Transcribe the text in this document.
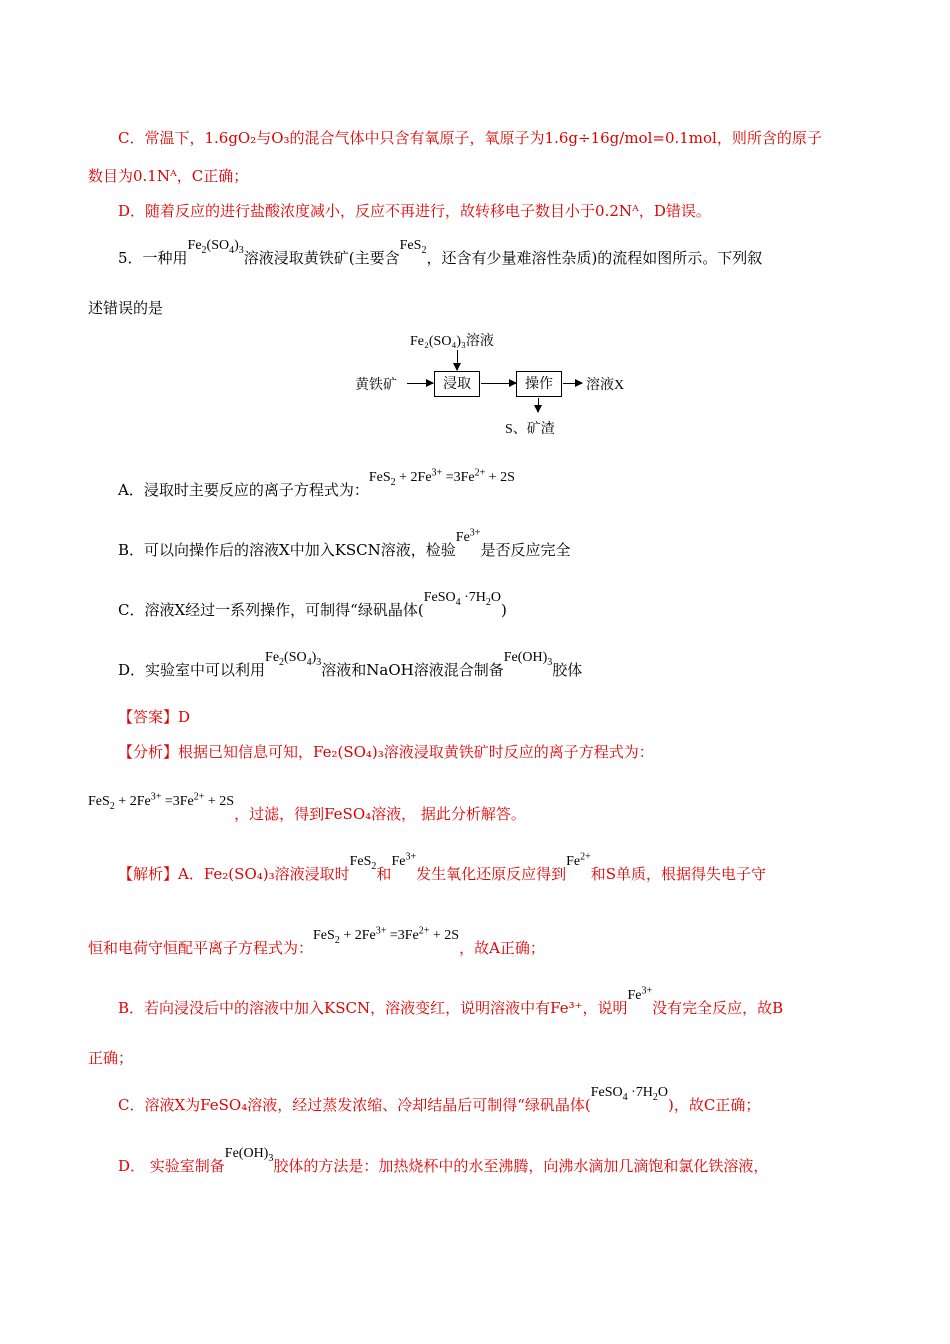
C．常温下，1.6gO₂与O₃的混合气体中只含有氧原子，氧原子为1.6g÷16g/mol=0.1mol，则所含的原子
数目为0.1Nᴬ，C正确；
D．随着反应的进行盐酸浓度减小，反应不再进行，故转移电子数目小于0.2Nᴬ，D错误。
5．一种用$Fe_2(SO_4)_3$溶液浸取黄铁矿(主要含FeS$_2$，还含有少量难溶性杂质)的流程如图所示。下列叙
述错误的是
Fe₂(SO₄)₃溶液
黄铁矿	浸取	操作	溶液X
S、矿渣
A．浸取时主要反应的离子方程式为：$FeS_2 + 2Fe^{3+} =3Fe^{2+} + 2S$
B．可以向操作后的溶液X中加入KSCN溶液，检验$Fe^{3+}$是否反应完全
C．溶液X经过一系列操作，可制得“绿矾晶体(FeSO$_4$ $\cdot 7H_2O$)
D．实验室中可以利用$Fe_2(SO_4)_3$溶液和NaOH溶液混合制备$Fe(OH)_3$胶体
【答案】D
【分析】根据已知信息可知，Fe₂(SO₄)₃溶液浸取黄铁矿时反应的离子方程式为：
$FeS_2 + 2Fe^{3+} =3Fe^{2+} + 2S$，过滤，得到FeSO₄溶液， 据此分析解答。
【解析】A．Fe₂(SO₄)₃溶液浸取时FeS$_2$和$Fe^{3+}$发生氧化还原反应得到$Fe^{2+}$和S单质，根据得失电子守
恒和电荷守恒配平离子方程式为：$FeS_2 + 2Fe^{3+} =3Fe^{2+} + 2S$，故A正确；
B．若向浸没后中的溶液中加入KSCN，溶液变红，说明溶液中有Fe³⁺，说明$Fe^{3+}$没有完全反应，故B
正确；
C．溶液X为FeSO₄溶液，经过蒸发浓缩、冷却结晶后可制得“绿矾晶体(FeSO$_4$ $\cdot 7H_2O$)，故C正确；
D． 实验室制备$Fe(OH)_3$胶体的方法是：加热烧杯中的水至沸腾，向沸水滴加几滴饱和氯化铁溶液，
